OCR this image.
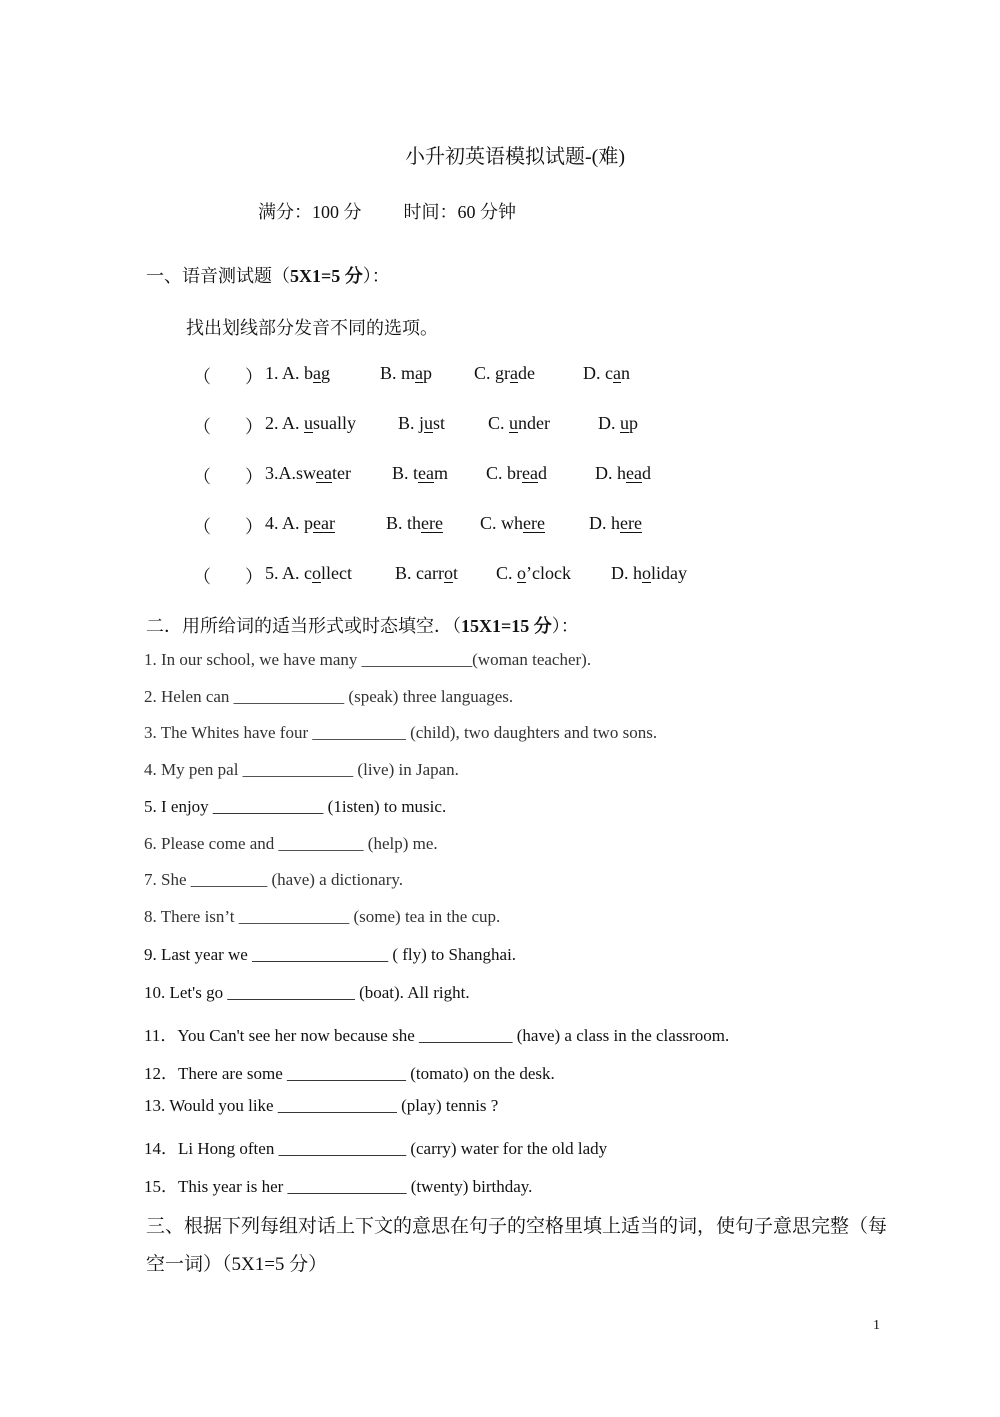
小升初英语模拟试题-(难)
满分：100 分 时间：60 分钟
一、语音测试题（5X1=5 分）：
找出划线部分发音不同的选项。
（ ） 1. A. bag	B. map C. grade	D. can
（ ） 2. A. usually B. just C. under	D. up
（ ） 3.A.sweater B. team C. bread	D. head
（ ） 4. A. pear	B. there C. where D. here
（ ） 5. A. collect B. carrot C. o’clock D. holiday
二．用所给词的适当形式或时态填空．（15X1=15 分）：
1. In our school, we have many _____________(woman teacher).
2. Helen can _____________ (speak) three languages.
3. The Whites have four ___________ (child), two daughters and two sons.
4. My pen pal _____________ (live) in Japan.
5. I enjoy _____________ (1isten) to music.
6. Please come and __________ (help) me.
7. She _________ (have) a dictionary.
8. There isn’t _____________ (some) tea in the cup.
9. Last year we ________________ ( fly) to Shanghai.
10. Let's go _______________ (boat). All right.
11．You Can't see her now because she ___________ (have) a class in the classroom.
12．There are some ______________ (tomato) on the desk.
13. Would you like ______________ (play) tennis ?
14．Li Hong often _______________ (carry) water for the old lady
15．This year is her ______________ (twenty) birthday.
三、根据下列每组对话上下文的意思在句子的空格里填上适当的词，使句子意思完整（每空一词）（5X1=5 分）
1
